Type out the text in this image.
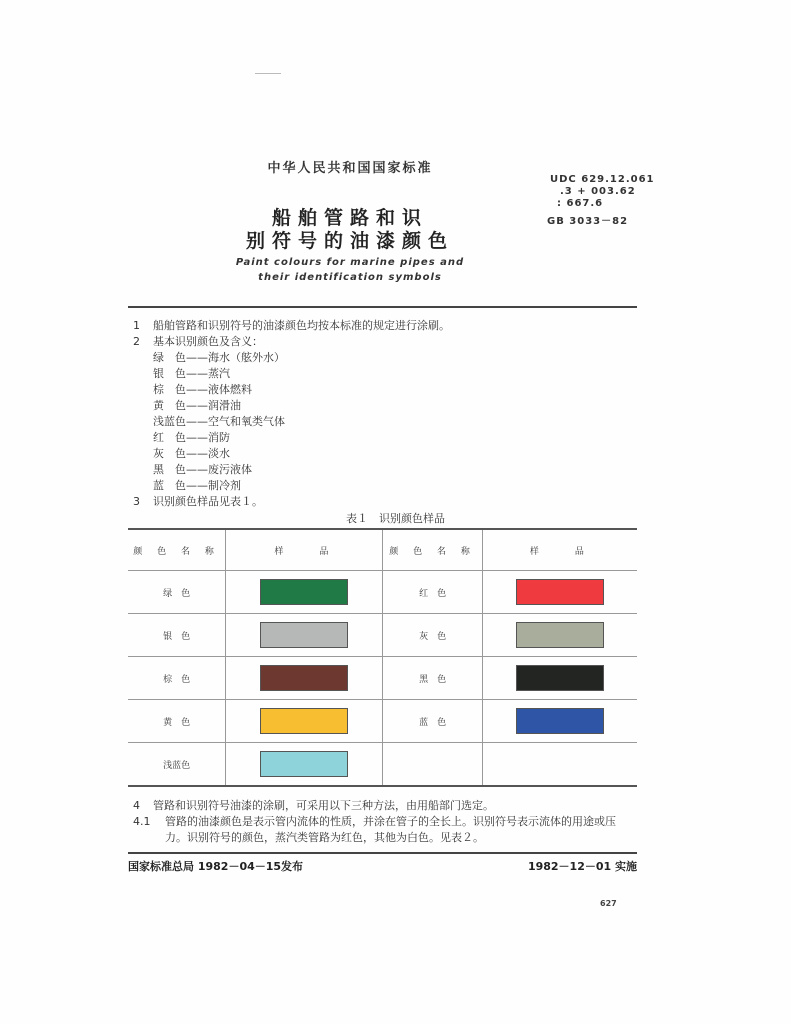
中华人民共和国国家标准
船舶管路和识
别符号的油漆颜色
Paint colours for marine pipes and
their identification symbols
UDC 629.12.061
.3 + 003.62
: 667.6
GB 3033－82
1 船舶管路和识别符号的油漆颜色均按本标准的规定进行涂刷。
2 基本识别颜色及含义：
绿　色——海水（舷外水）
银　色——蒸汽
棕　色——液体燃料
黄　色——润滑油
浅蓝色——空气和氧类气体
红　色——消防
灰　色——淡水
黑　色——废污液体
蓝　色——制冷剂
3 识别颜色样品见表１。
表１　识别颜色样品
颜 色 名 称	样　　品	颜 色 名 称	样　　品
绿　色		红　色	
银　色		灰　色	
棕　色		黑　色	
黄　色		蓝　色	
浅蓝色			
4 管路和识别符号油漆的涂刷，可采用以下三种方法，由用船部门选定。
4.1 管路的油漆颜色是表示管内流体的性质，并涂在管子的全长上。识别符号表示流体的用途或压
力。识别符号的颜色，蒸汽类管路为红色，其他为白色。见表２。
国家标准总局 1982－04－15发布	1982－12－01 实施
627
